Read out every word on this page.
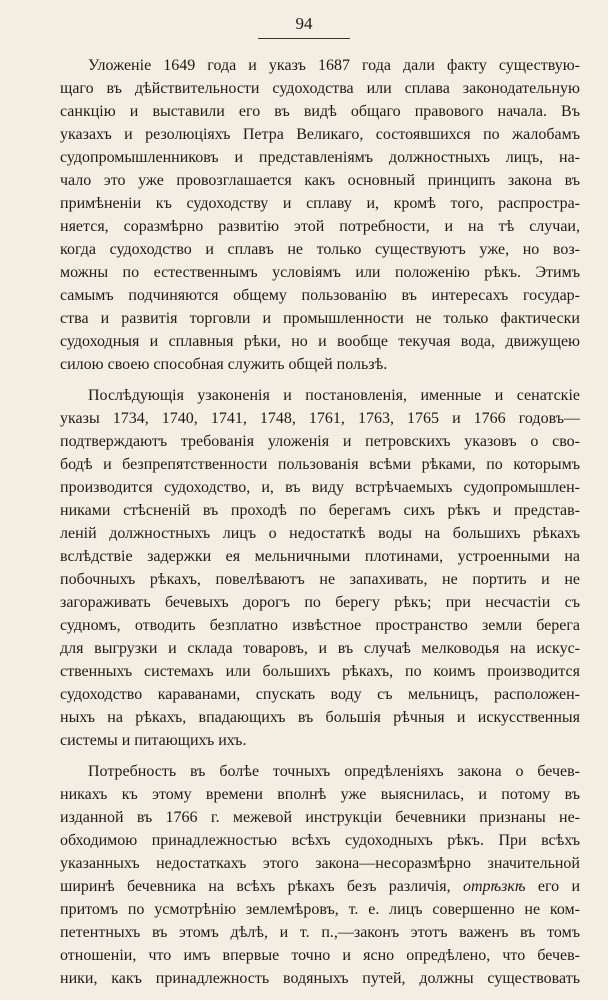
94
Уложеніе 1649 года и указъ 1687 года дали факту существую-
щаго въ дѣйствительности судоходства или сплава законодательную
санкцію и выставили его въ видѣ общаго правового начала. Въ
указахъ и резолюціяхъ Петра Великаго, состоявшихся по жалобамъ
судопромышленниковъ и представленіямъ должностныхъ лицъ, на-
чало это уже провозглашается какъ основный принципъ закона въ
примѣненіи къ судоходству и сплаву и, кромѣ того, распростра-
няется, соразмѣрно развитію этой потребности, и на тѣ случаи,
когда судоходство и сплавъ не только существуютъ уже, но воз-
можны по естественнымъ условіямъ или положенію рѣкъ. Этимъ
самымъ подчиняются общему пользованію въ интересахъ государ-
ства и развитія торговли и промышленности не только фактически
судоходныя и сплавныя рѣки, но и вообще текучая вода, движущею
силою своею способная служить общей пользѣ.
Послѣдующія узаконенія и постановленія, именные и сенатскіе
указы 1734, 1740, 1741, 1748, 1761, 1763, 1765 и 1766 годовъ—
подтверждаютъ требованія уложенія и петровскихъ указовъ о сво-
бодѣ и безпрепятственности пользованія всѣми рѣками, по которымъ
производится судоходство, и, въ виду встрѣчаемыхъ судопромышлен-
никами стѣсненій въ проходѣ по берегамъ сихъ рѣкъ и представ-
леній должностныхъ лицъ о недостаткѣ воды на большихъ рѣкахъ
вслѣдствіе задержки ея мельничными плотинами, устроенными на
побочныхъ рѣкахъ, повелѣваютъ не запахивать, не портить и не
загораживать бечевыхъ дорогъ по берегу рѣкъ; при несчастіи съ
судномъ, отводить безплатно извѣстное пространство земли берега
для выгрузки и склада товаровъ, и въ случаѣ мелководья на искус-
ственныхъ системахъ или большихъ рѣкахъ, по коимъ производится
судоходство караванами, спускать воду съ мельницъ, расположен-
ныхъ на рѣкахъ, впадающихъ въ большія рѣчныя и искусственныя
системы и питающихъ ихъ.
Потребность въ болѣе точныхъ опредѣленіяхъ закона о бечев-
никахъ къ этому времени вполнѣ уже выяснилась, и потому въ
изданной въ 1766 г. межевой инструкціи бечевники признаны не-
обходимою принадлежностью всѣхъ судоходныхъ рѣкъ. При всѣхъ
указанныхъ недостаткахъ этого закона—несоразмѣрно значительной
ширинѣ бечевника на всѣхъ рѣкахъ безъ различія, отрѣзкѣ его и
притомъ по усмотрѣнію землемѣровъ, т. е. лицъ совершенно не ком-
петентныхъ въ этомъ дѣлѣ, и т. п.,—законъ этотъ важенъ въ томъ
отношеніи, что имъ впервые точно и ясно опредѣлено, что бечев-
ники, какъ принадлежность водяныхъ путей, должны существовать
